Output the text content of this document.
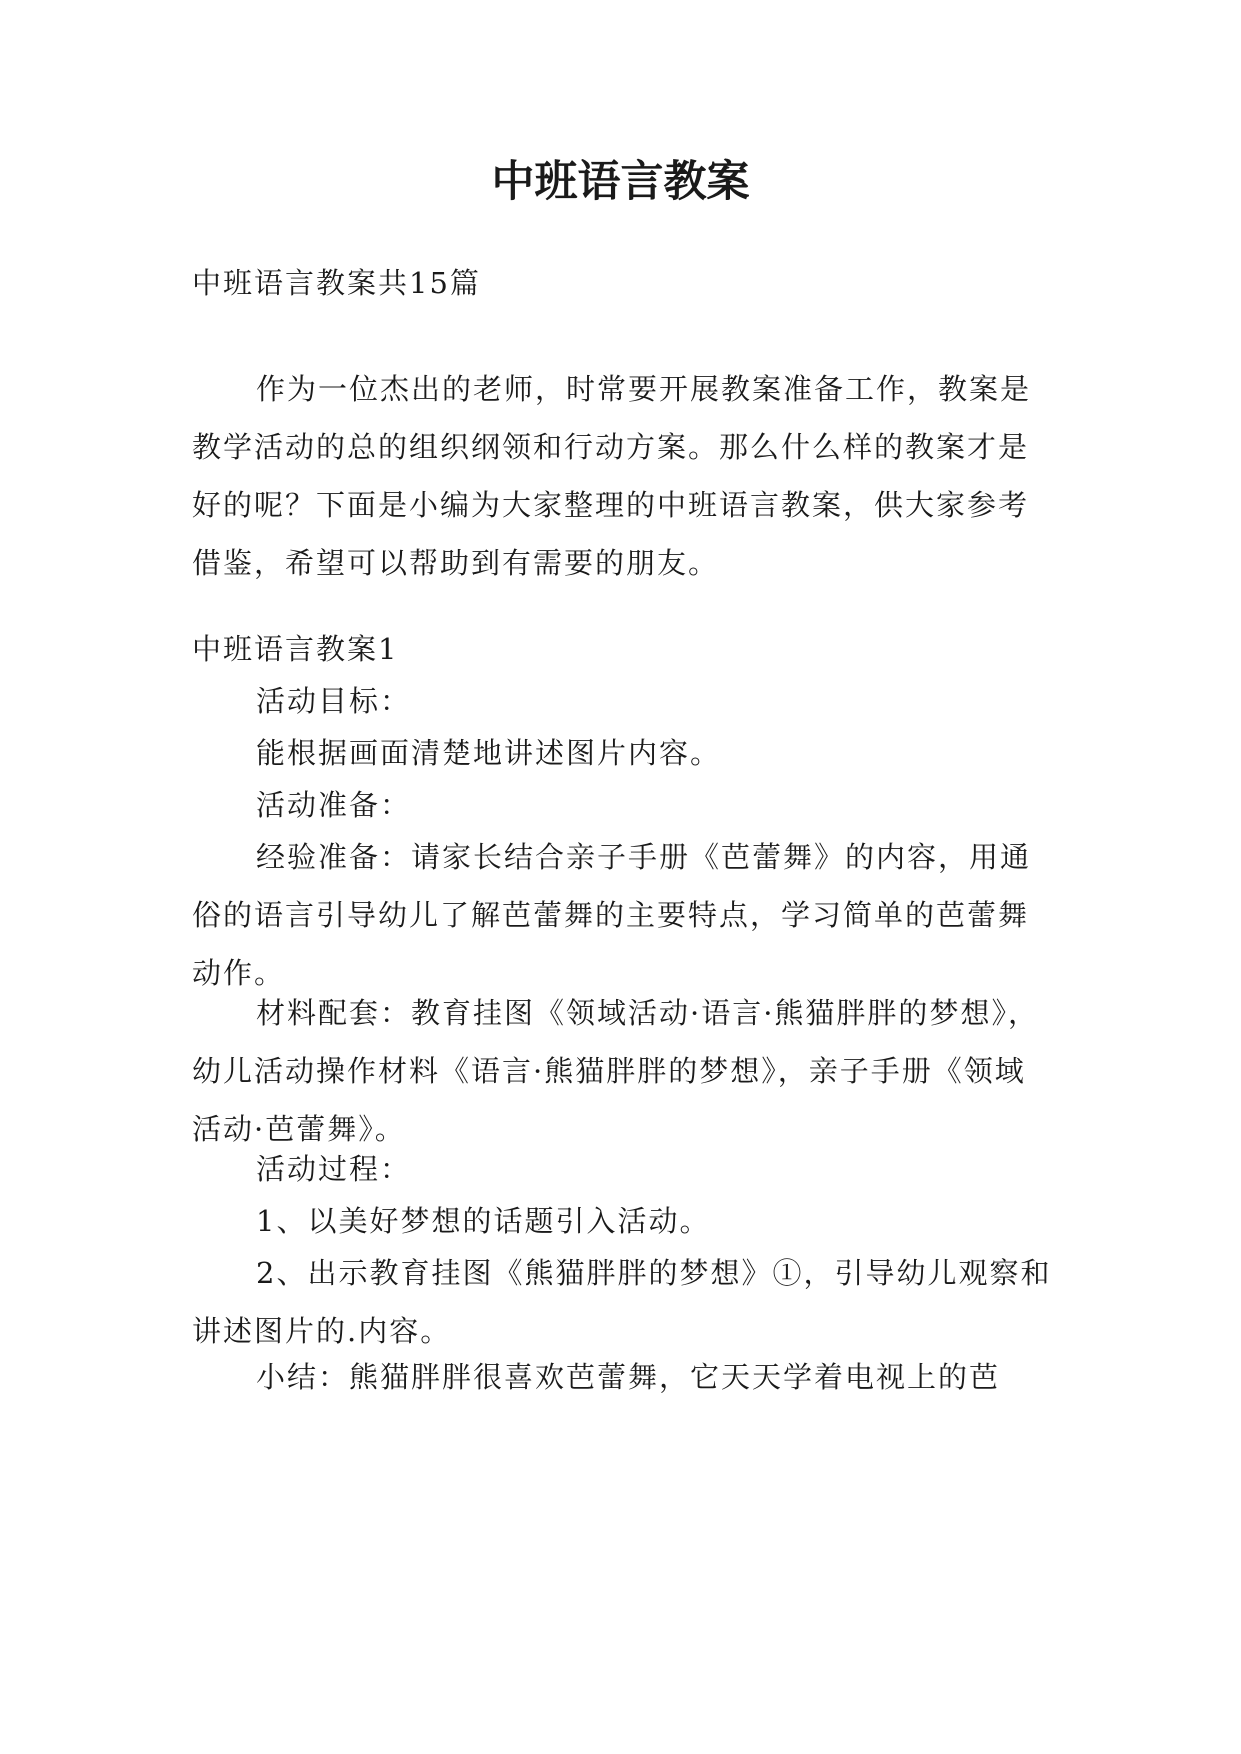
中班语言教案

中班语言教案共15篇

作为一位杰出的老师，时常要开展教案准备工作，教案是教学活动的总的组织纲领和行动方案。那么什么样的教案才是好的呢？下面是小编为大家整理的中班语言教案，供大家参考借鉴，希望可以帮助到有需要的朋友。

中班语言教案1

活动目标：

能根据画面清楚地讲述图片内容。

活动准备：

经验准备：请家长结合亲子手册《芭蕾舞》的内容，用通俗的语言引导幼儿了解芭蕾舞的主要特点，学习简单的芭蕾舞动作。

材料配套：教育挂图《领域活动·语言·熊猫胖胖的梦想》，幼儿活动操作材料《语言·熊猫胖胖的梦想》，亲子手册《领域活动·芭蕾舞》。

活动过程：

1、以美好梦想的话题引入活动。

2、出示教育挂图《熊猫胖胖的梦想》①，引导幼儿观察和讲述图片的.内容。

小结：熊猫胖胖很喜欢芭蕾舞，它天天学着电视上的芭
